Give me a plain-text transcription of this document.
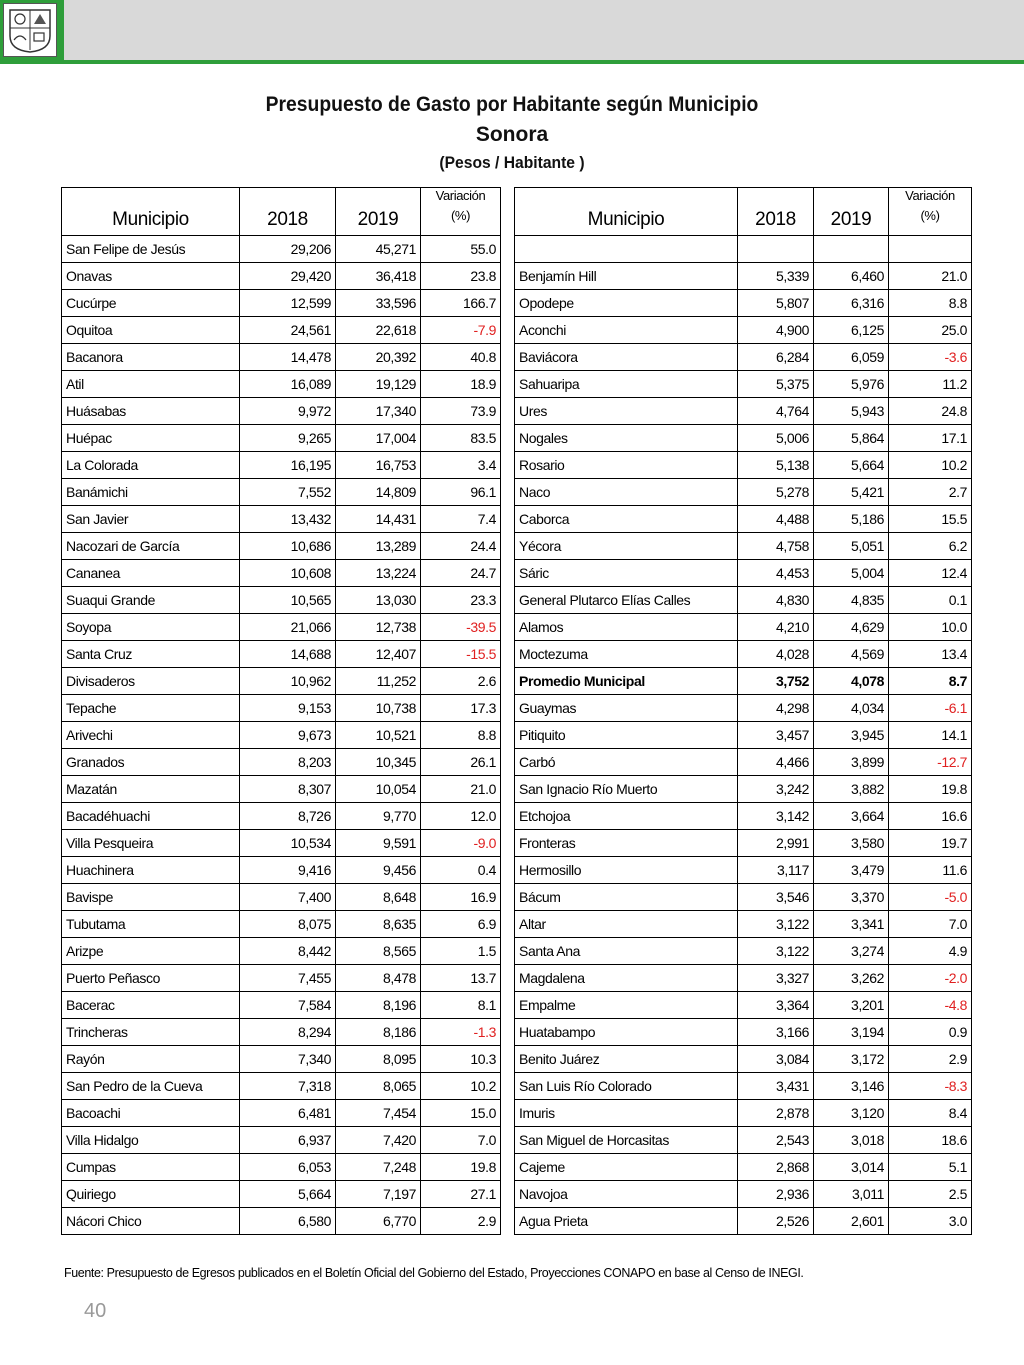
Presupuesto de Gasto por Habitante según Municipio
Sonora
(Pesos / Habitante )
Municipio	2018	2019	Variación
(%)

San Felipe de Jesús	29,206	45,271	55.0
Onavas	29,420	36,418	23.8
Cucúrpe	12,599	33,596	166.7
Oquitoa	24,561	22,618	-7.9
Bacanora	14,478	20,392	40.8
Atil	16,089	19,129	18.9
Huásabas	9,972	17,340	73.9
Huépac	9,265	17,004	83.5
La Colorada	16,195	16,753	3.4
Banámichi	7,552	14,809	96.1
San Javier	13,432	14,431	7.4
Nacozari de García	10,686	13,289	24.4
Cananea	10,608	13,224	24.7
Suaqui Grande	10,565	13,030	23.3
Soyopa	21,066	12,738	-39.5
Santa Cruz	14,688	12,407	-15.5
Divisaderos	10,962	11,252	2.6
Tepache	9,153	10,738	17.3
Arivechi	9,673	10,521	8.8
Granados	8,203	10,345	26.1
Mazatán	8,307	10,054	21.0
Bacadéhuachi	8,726	9,770	12.0
Villa Pesqueira	10,534	9,591	-9.0
Huachinera	9,416	9,456	0.4
Bavispe	7,400	8,648	16.9
Tubutama	8,075	8,635	6.9
Arizpe	8,442	8,565	1.5
Puerto Peñasco	7,455	8,478	13.7
Bacerac	7,584	8,196	8.1
Trincheras	8,294	8,186	-1.3
Rayón	7,340	8,095	10.3
San Pedro de la Cueva	7,318	8,065	10.2
Bacoachi	6,481	7,454	15.0
Villa Hidalgo	6,937	7,420	7.0
Cumpas	6,053	7,248	19.8
Quiriego	5,664	7,197	27.1
Nácori Chico	6,580	6,770	2.9
Municipio	2018	2019	Variación
(%)

Benjamín Hill	5,339	6,460	21.0
Opodepe	5,807	6,316	8.8
Aconchi	4,900	6,125	25.0
Baviácora	6,284	6,059	-3.6
Sahuaripa	5,375	5,976	11.2
Ures	4,764	5,943	24.8
Nogales	5,006	5,864	17.1
Rosario	5,138	5,664	10.2
Naco	5,278	5,421	2.7
Caborca	4,488	5,186	15.5
Yécora	4,758	5,051	6.2
Sáric	4,453	5,004	12.4
General Plutarco Elías Calles	4,830	4,835	0.1
Alamos	4,210	4,629	10.0
Moctezuma	4,028	4,569	13.4
Promedio Municipal	3,752	4,078	8.7
Guaymas	4,298	4,034	-6.1
Pitiquito	3,457	3,945	14.1
Carbó	4,466	3,899	-12.7
San Ignacio Río Muerto	3,242	3,882	19.8
Etchojoa	3,142	3,664	16.6
Fronteras	2,991	3,580	19.7
Hermosillo	3,117	3,479	11.6
Bácum	3,546	3,370	-5.0
Altar	3,122	3,341	7.0
Santa Ana	3,122	3,274	4.9
Magdalena	3,327	3,262	-2.0
Empalme	3,364	3,201	-4.8
Huatabampo	3,166	3,194	0.9
Benito Juárez	3,084	3,172	2.9
San Luis Río Colorado	3,431	3,146	-8.3
Imuris	2,878	3,120	8.4
San Miguel de Horcasitas	2,543	3,018	18.6
Cajeme	2,868	3,014	5.1
Navojoa	2,936	3,011	2.5
Agua Prieta	2,526	2,601	3.0
Fuente: Presupuesto de Egresos publicados en el Boletín Oficial del Gobierno del Estado, Proyecciones CONAPO en base al Censo de INEGI.
40
